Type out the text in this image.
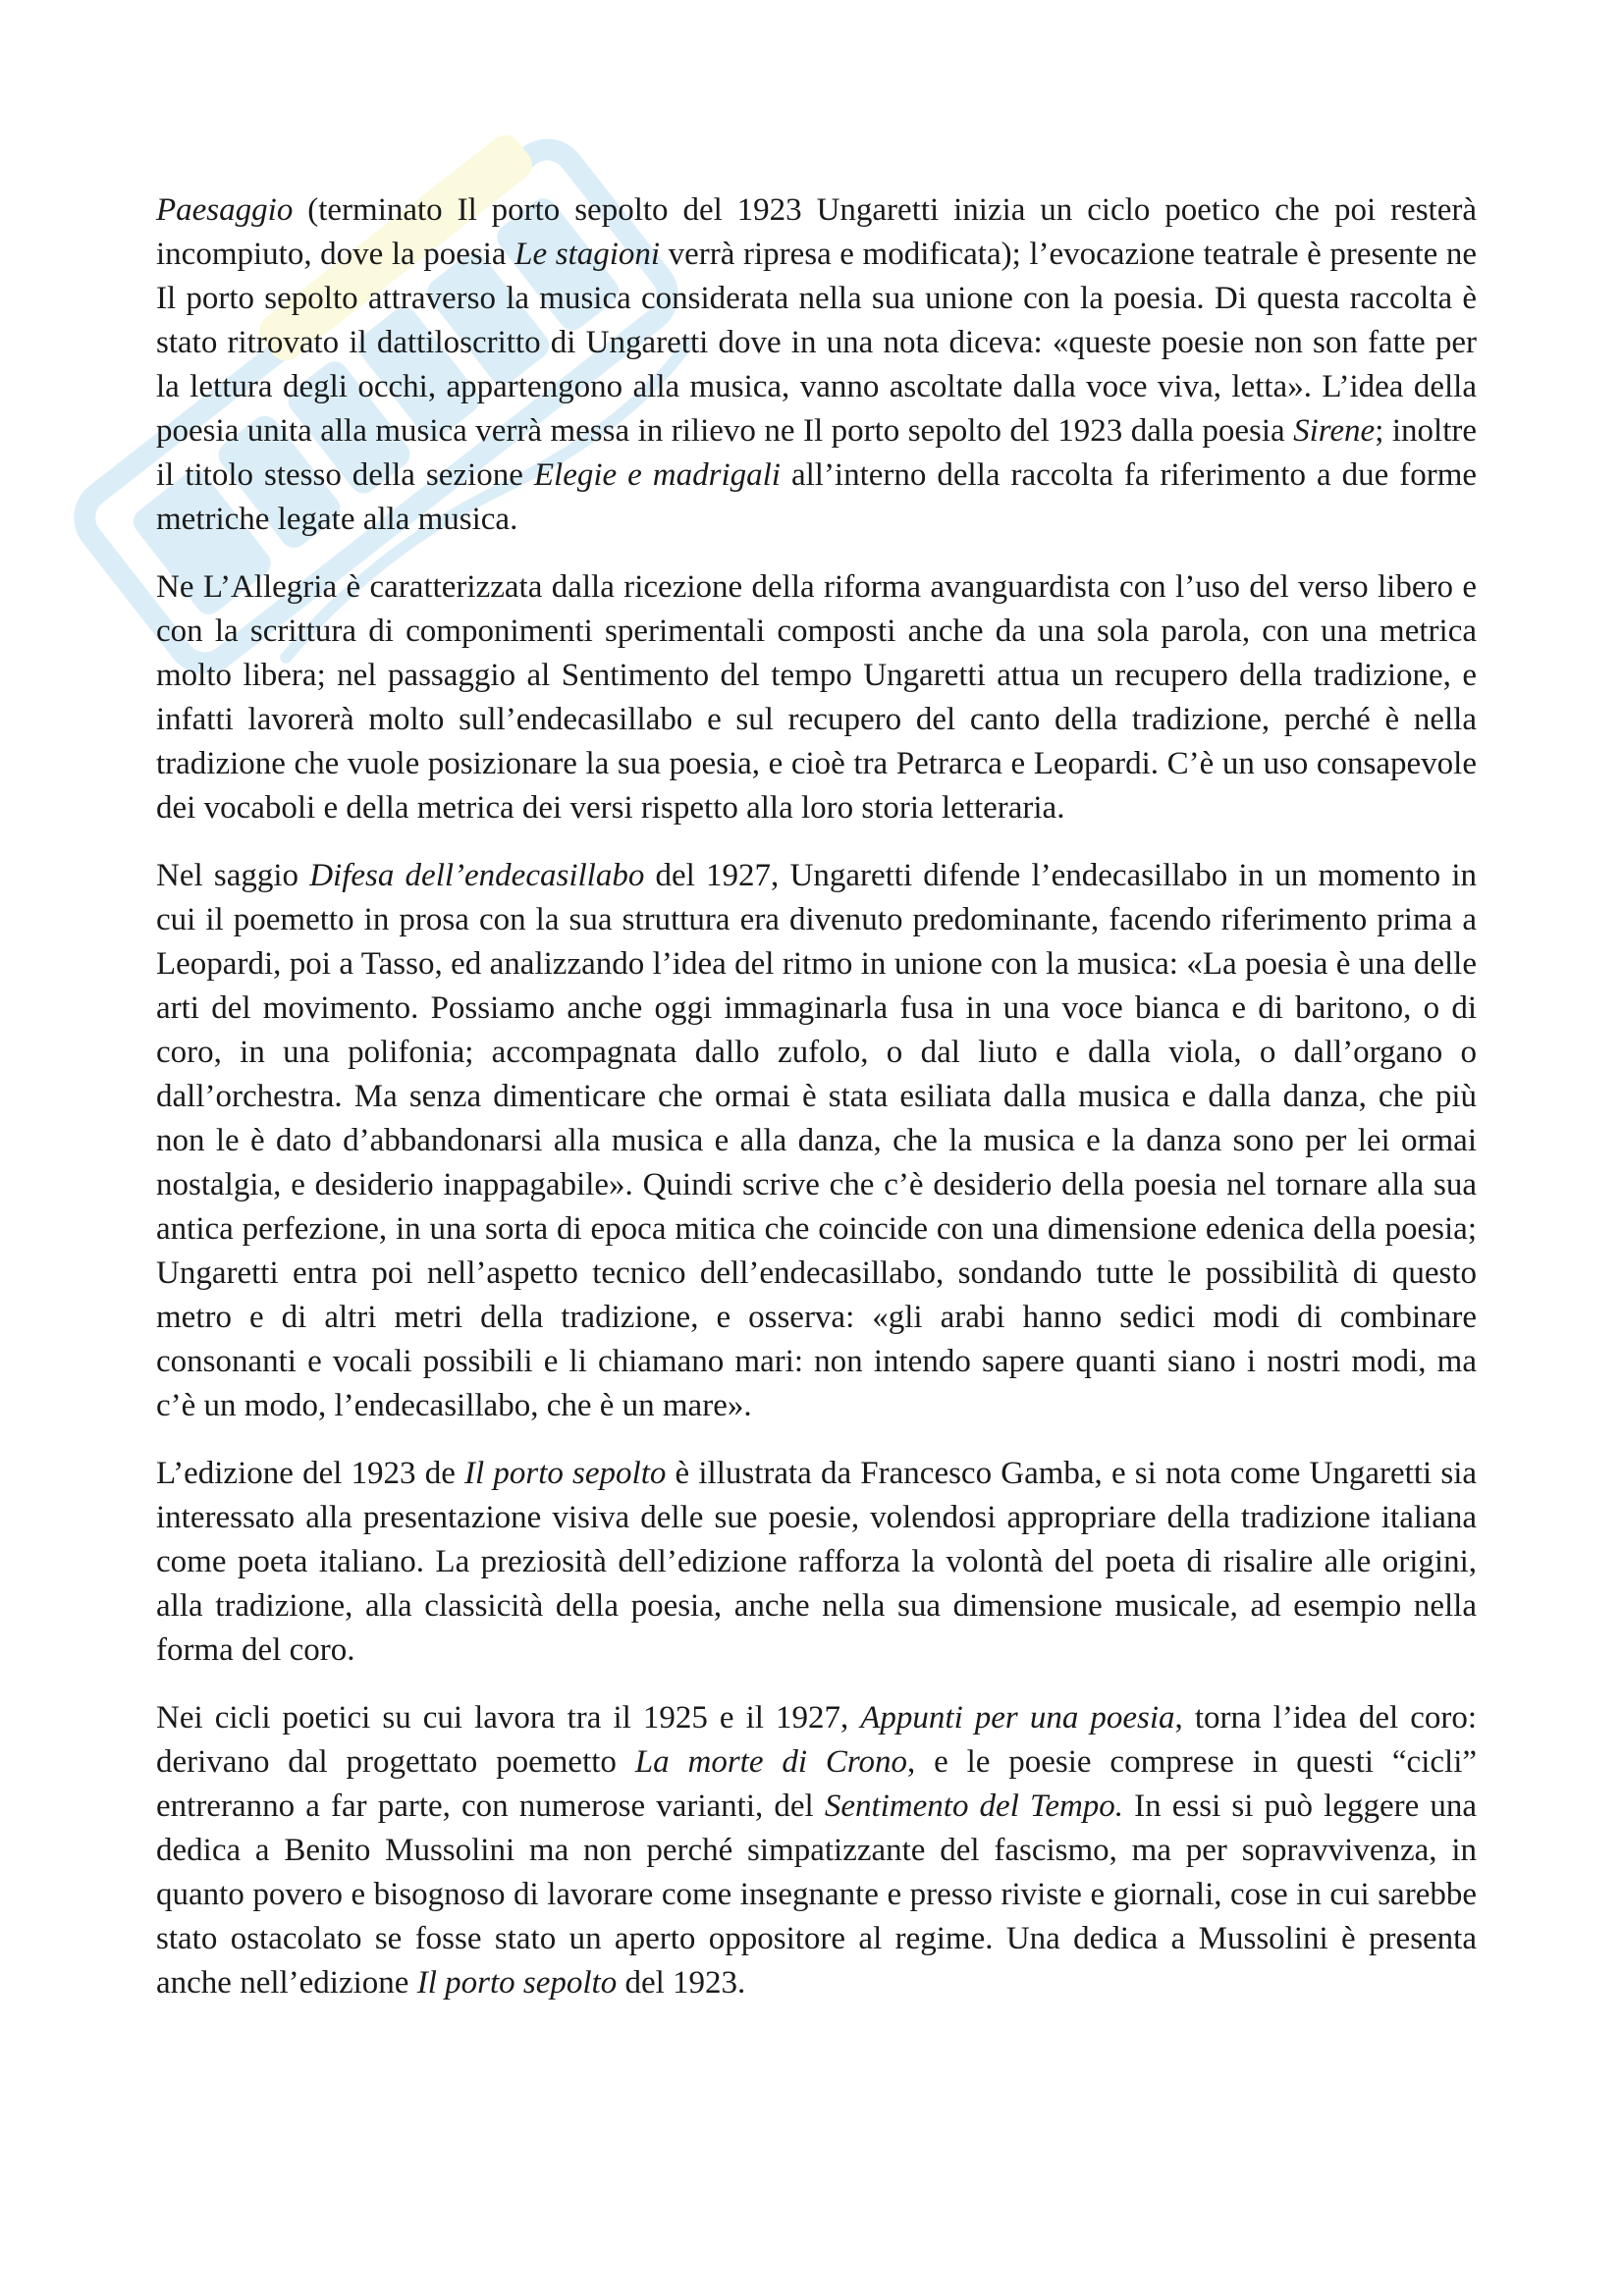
Paesaggio (terminato Il porto sepolto del 1923 Ungaretti inizia un ciclo poetico che poi resterà incompiuto, dove la poesia Le stagioni verrà ripresa e modificata); l’evocazione teatrale è presente ne Il porto sepolto attraverso la musica considerata nella sua unione con la poesia. Di questa raccolta è stato ritrovato il dattiloscritto di Ungaretti dove in una nota diceva: «queste poesie non son fatte per la lettura degli occhi, appartengono alla musica, vanno ascoltate dalla voce viva, letta». L’idea della poesia unita alla musica verrà messa in rilievo ne Il porto sepolto del 1923 dalla poesia Sirene; inoltre il titolo stesso della sezione Elegie e madrigali all’interno della raccolta fa riferimento a due forme metriche legate alla musica.

Ne L’Allegria è caratterizzata dalla ricezione della riforma avanguardista con l’uso del verso libero e con la scrittura di componimenti sperimentali composti anche da una sola parola, con una metrica molto libera; nel passaggio al Sentimento del tempo Ungaretti attua un recupero della tradizione, e infatti lavorerà molto sull’endecasillabo e sul recupero del canto della tradizione, perché è nella tradizione che vuole posizionare la sua poesia, e cioè tra Petrarca e Leopardi. C’è un uso consapevole dei vocaboli e della metrica dei versi rispetto alla loro storia letteraria.

Nel saggio Difesa dell’endecasillabo del 1927, Ungaretti difende l’endecasillabo in un momento in cui il poemetto in prosa con la sua struttura era divenuto predominante, facendo riferimento prima a Leopardi, poi a Tasso, ed analizzando l’idea del ritmo in unione con la musica: «La poesia è una delle arti del movimento. Possiamo anche oggi immaginarla fusa in una voce bianca e di baritono, o di coro, in una polifonia; accompagnata dallo zufolo, o dal liuto e dalla viola, o dall’organo o dall’orchestra. Ma senza dimenticare che ormai è stata esiliata dalla musica e dalla danza, che più non le è dato d’abbandonarsi alla musica e alla danza, che la musica e la danza sono per lei ormai nostalgia, e desiderio inappagabile». Quindi scrive che c’è desiderio della poesia nel tornare alla sua antica perfezione, in una sorta di epoca mitica che coincide con una dimensione edenica della poesia; Ungaretti entra poi nell’aspetto tecnico dell’endecasillabo, sondando tutte le possibilità di questo metro e di altri metri della tradizione, e osserva: «gli arabi hanno sedici modi di combinare consonanti e vocali possibili e li chiamano mari: non intendo sapere quanti siano i nostri modi, ma c’è un modo, l’endecasillabo, che è un mare».

L’edizione del 1923 de Il porto sepolto è illustrata da Francesco Gamba, e si nota come Ungaretti sia interessato alla presentazione visiva delle sue poesie, volendosi appropriare della tradizione italiana come poeta italiano. La preziosità dell’edizione rafforza la volontà del poeta di risalire alle origini, alla tradizione, alla classicità della poesia, anche nella sua dimensione musicale, ad esempio nella forma del coro.

Nei cicli poetici su cui lavora tra il 1925 e il 1927, Appunti per una poesia, torna l’idea del coro: derivano dal progettato poemetto La morte di Crono, e le poesie comprese in questi “cicli” entreranno a far parte, con numerose varianti, del Sentimento del Tempo. In essi si può leggere una dedica a Benito Mussolini ma non perché simpatizzante del fascismo, ma per sopravvivenza, in quanto povero e bisognoso di lavorare come insegnante e presso riviste e giornali, cose in cui sarebbe stato ostacolato se fosse stato un aperto oppositore al regime. Una dedica a Mussolini è presenta anche nell’edizione Il porto sepolto del 1923.
